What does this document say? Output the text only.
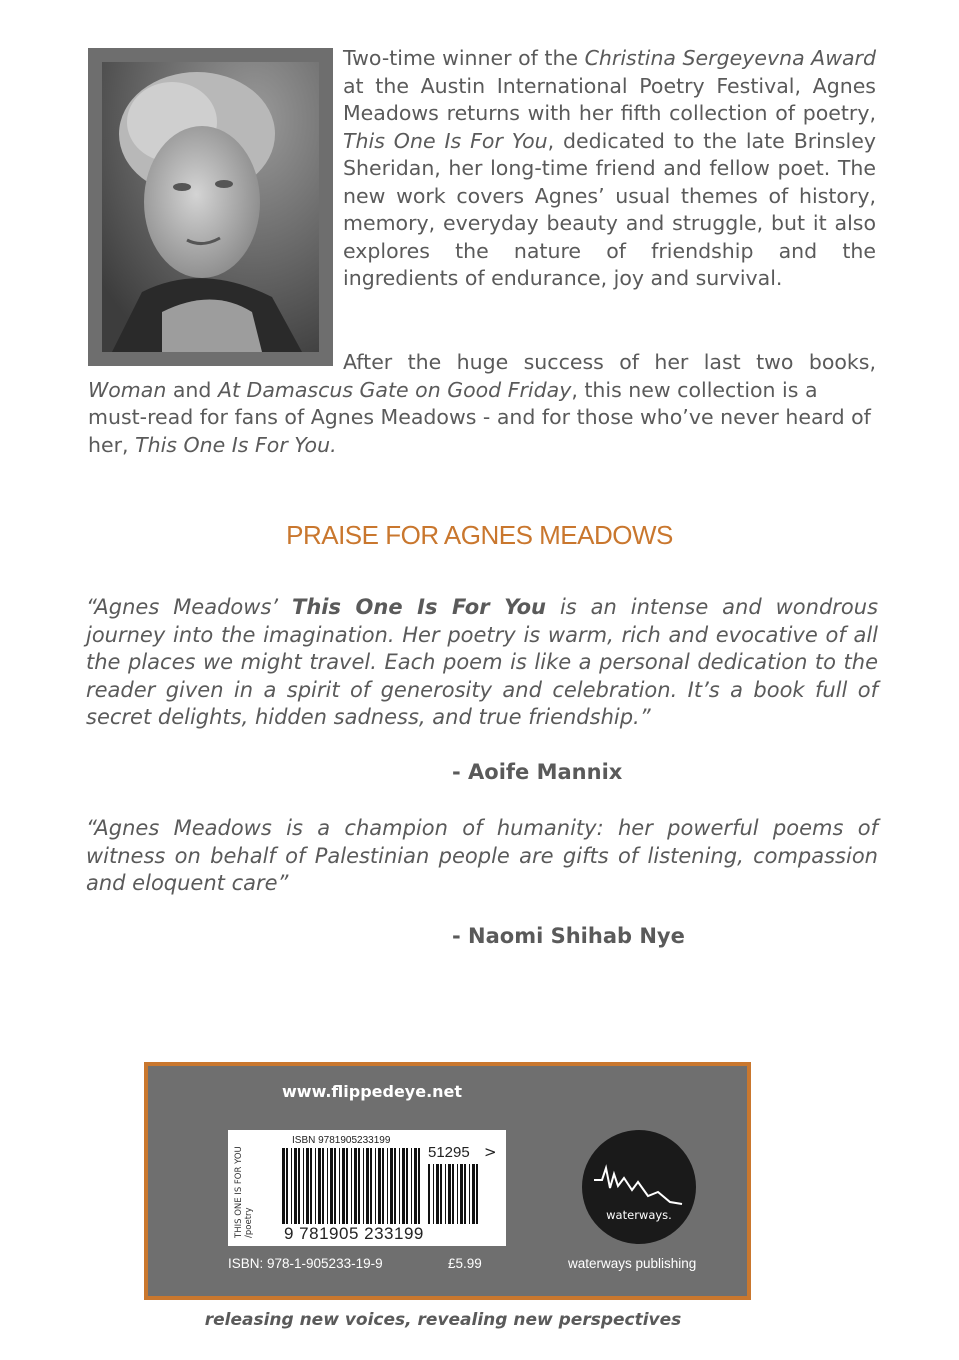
Two-time winner of the Christina Sergeyevna Award at the Austin International Poetry Festival, Agnes Meadows returns with her fifth collection of poetry, This One Is For You, dedicated to the late Brinsley Sheridan, her long-time friend and fellow poet. The new work covers Agnes’ usual themes of history, memory, everyday beauty and struggle, but it also explores the nature of friendship and the ingredients of endurance, joy and survival.

After the huge success of her last two books,
Woman and At Damascus Gate on Good Friday, this new collection is a must-read for fans of Agnes Meadows - and for those who’ve never heard of her, This One Is For You.

PRAISE FOR AGNES MEADOWS

“Agnes Meadows’ This One Is For You is an intense and wondrous journey into the imagination. Her poetry is warm, rich and evocative of all the places we might travel. Each poem is like a personal dedication to the reader given in a spirit of generosity and celebration. It’s a book full of secret delights, hidden sadness, and true friendship.”

- Aoife Mannix

“Agnes Meadows is a champion of humanity: her powerful poems of witness on behalf of Palestinian people are gifts of listening, compassion and eloquent care”

- Naomi Shihab Nye

www.flippedeye.net
THIS ONE IS FOR YOU
/poetry
ISBN 9781905233199
9 781905 233199
51295 >
ISBN: 978-1-905233-19-9	£5.99
waterways.
waterways publishing
releasing new voices, revealing new perspectives
